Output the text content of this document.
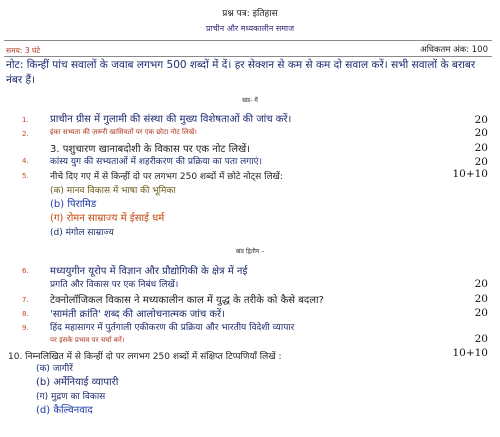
प्रश्न पत्र: इतिहास
प्राचीन और मध्यकालीन समाज
समय: 3 घंटे	अधिकतम अंक: 100
नोट: किन्हीं पांच सवालों के जवाब लगभग 500 शब्दों में दें। हर सेक्शन से कम से कम दो सवाल करें। सभी सवालों के बराबर नंबर हैं।
खंड- मैं
1. प्राचीन ग्रीस में गुलामी की संस्था की मुख्य विशेषताओं की जांच करें।	20
2.	इंका सभ्यता की ज़रूरी खासियतों पर एक छोटा नोट लिखें।	20
3. पशुचारण खानाबदोशी के विकास पर एक नोट लिखें।	20
4. कांस्य युग की सभ्यताओं में शहरीकरण की प्रक्रिया का पता लगाएं।	20
5. नीचे दिए गए में से किन्हीं दो पर लगभग 250 शब्दों में छोटे नोट्स लिखें:	10+10
(क) मानव विकास में भाषा की भूमिका
(b) पिरामिड
(ग) रोमन साम्राज्य में ईसाई धर्म
(d) मंगोल साम्राज्य
खंड द्वितीय –
6. मध्ययुगीन यूरोप में विज्ञान और प्रौद्योगिकी के क्षेत्र में नई
प्रगति और विकास पर एक निबंध लिखें।	20
7. टेक्नोलॉजिकल विकास ने मध्यकालीन काल में युद्ध के तरीके को कैसे बदला?	20
8. 'सामंती क्रांति' शब्द की आलोचनात्मक जांच करें।	20
9. हिंद महासागर में पुर्तगाली एकीकरण की प्रक्रिया और भारतीय विदेशी व्यापार
पर इसके प्रभाव पर चर्चा करें।	20
10. निम्नलिखित में से किन्हीं दो पर लगभग 250 शब्दों में संक्षिप्त टिप्पणियाँ लिखें :	10+10
(क) जागीरें
(b) अर्मेनियाई व्यापारी
(ग) मुद्रण का विकास
(d) कैल्विनवाद
